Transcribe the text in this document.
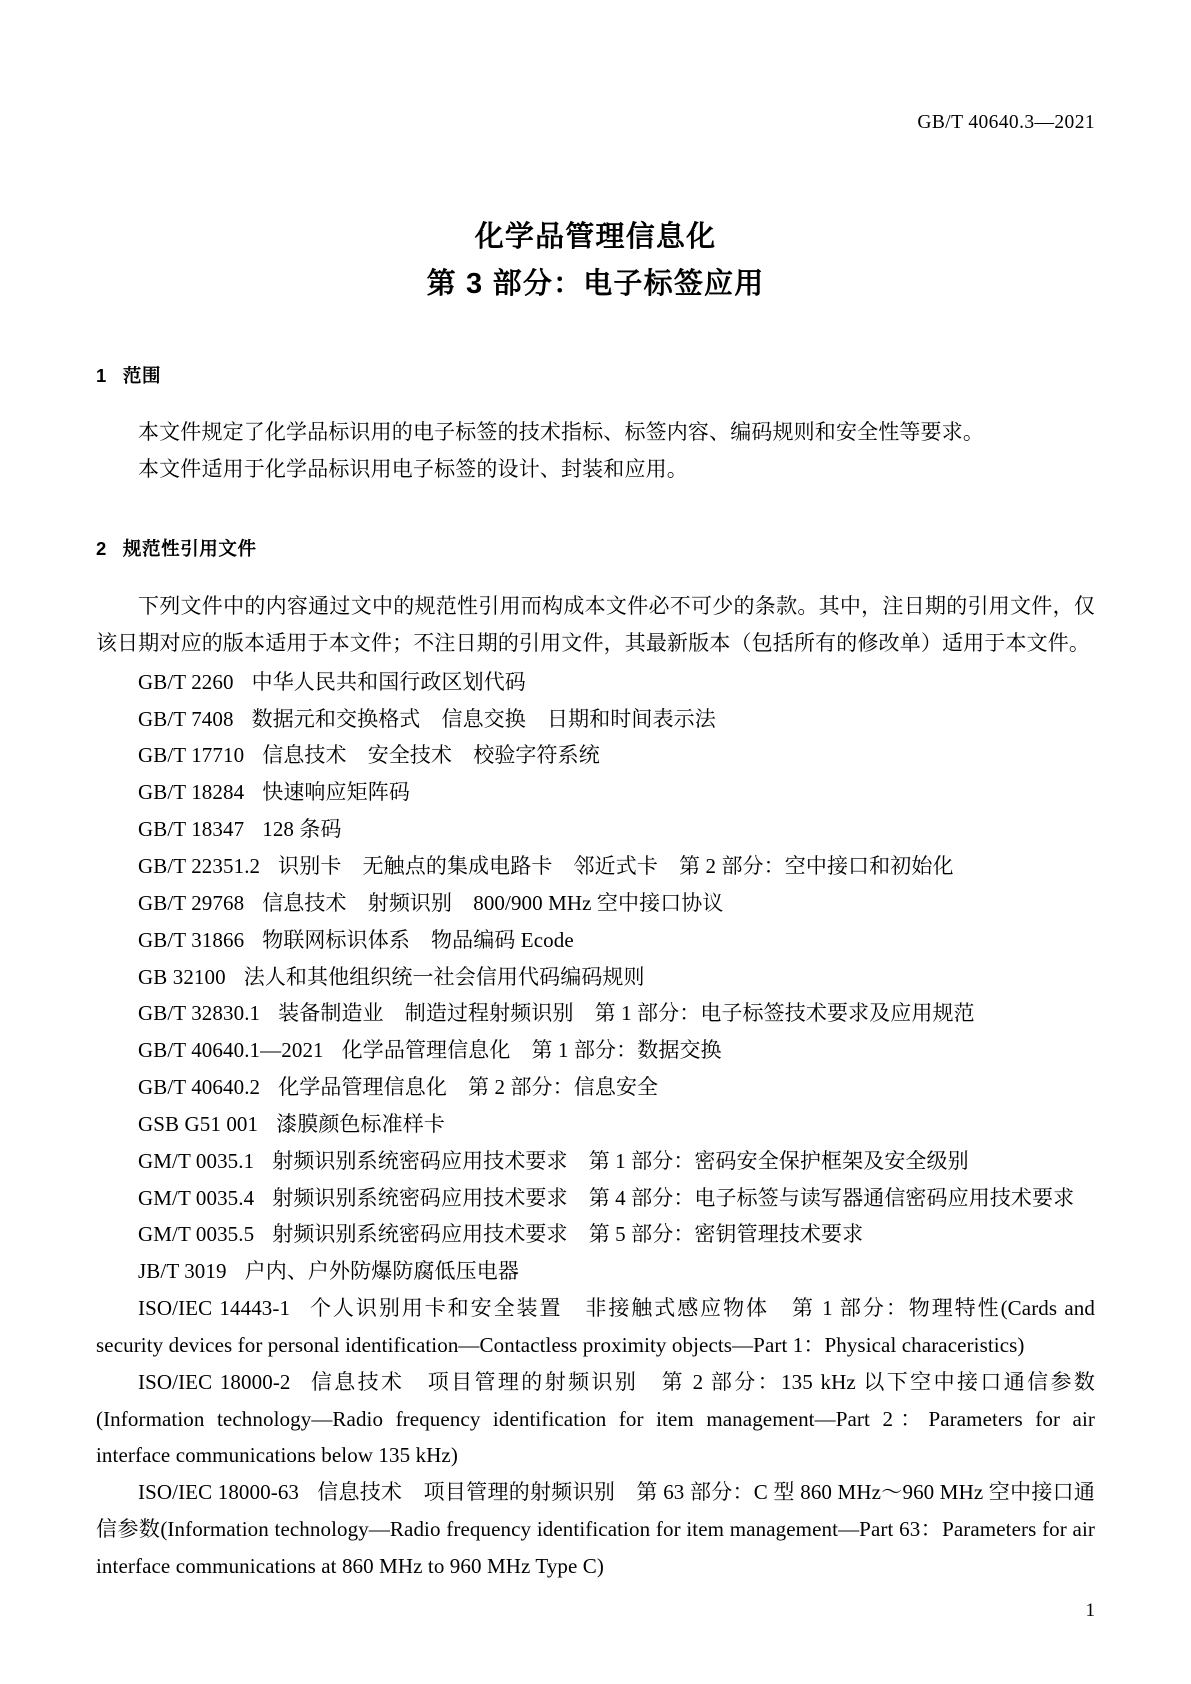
GB/T 40640.3—2021
化学品管理信息化
第 3 部分：电子标签应用
1 范围
本文件规定了化学品标识用的电子标签的技术指标、标签内容、编码规则和安全性等要求。
本文件适用于化学品标识用电子标签的设计、封装和应用。
2 规范性引用文件
下列文件中的内容通过文中的规范性引用而构成本文件必不可少的条款。其中，注日期的引用文件，仅该日期对应的版本适用于本文件；不注日期的引用文件，其最新版本（包括所有的修改单）适用于本文件。
GB/T 2260 中华人民共和国行政区划代码
GB/T 7408 数据元和交换格式　信息交换　日期和时间表示法
GB/T 17710 信息技术　安全技术　校验字符系统
GB/T 18284 快速响应矩阵码
GB/T 18347 128 条码
GB/T 22351.2 识别卡　无触点的集成电路卡　邻近式卡　第 2 部分：空中接口和初始化
GB/T 29768 信息技术　射频识别　800/900 MHz 空中接口协议
GB/T 31866 物联网标识体系　物品编码 Ecode
GB 32100 法人和其他组织统一社会信用代码编码规则
GB/T 32830.1 装备制造业　制造过程射频识别　第 1 部分：电子标签技术要求及应用规范
GB/T 40640.1—2021 化学品管理信息化　第 1 部分：数据交换
GB/T 40640.2 化学品管理信息化　第 2 部分：信息安全
GSB G51 001 漆膜颜色标准样卡
GM/T 0035.1 射频识别系统密码应用技术要求　第 1 部分：密码安全保护框架及安全级别
GM/T 0035.4 射频识别系统密码应用技术要求　第 4 部分：电子标签与读写器通信密码应用技术要求
GM/T 0035.5 射频识别系统密码应用技术要求　第 5 部分：密钥管理技术要求
JB/T 3019 户内、户外防爆防腐低压电器
ISO/IEC 14443-1 个人识别用卡和安全装置　非接触式感应物体　第 1 部分：物理特性(Cards and security devices for personal identification—Contactless proximity objects—Part 1：Physical characeristics)
ISO/IEC 18000-2 信息技术　项目管理的射频识别　第 2 部分：135 kHz 以下空中接口通信参数(Information technology—Radio frequency identification for item management—Part 2：Parameters for air interface communications below 135 kHz)
ISO/IEC 18000-63 信息技术　项目管理的射频识别　第 63 部分：C 型 860 MHz～960 MHz 空中接口通信参数(Information technology—Radio frequency identification for item management—Part 63：Parameters for air interface communications at 860 MHz to 960 MHz Type C)
1
